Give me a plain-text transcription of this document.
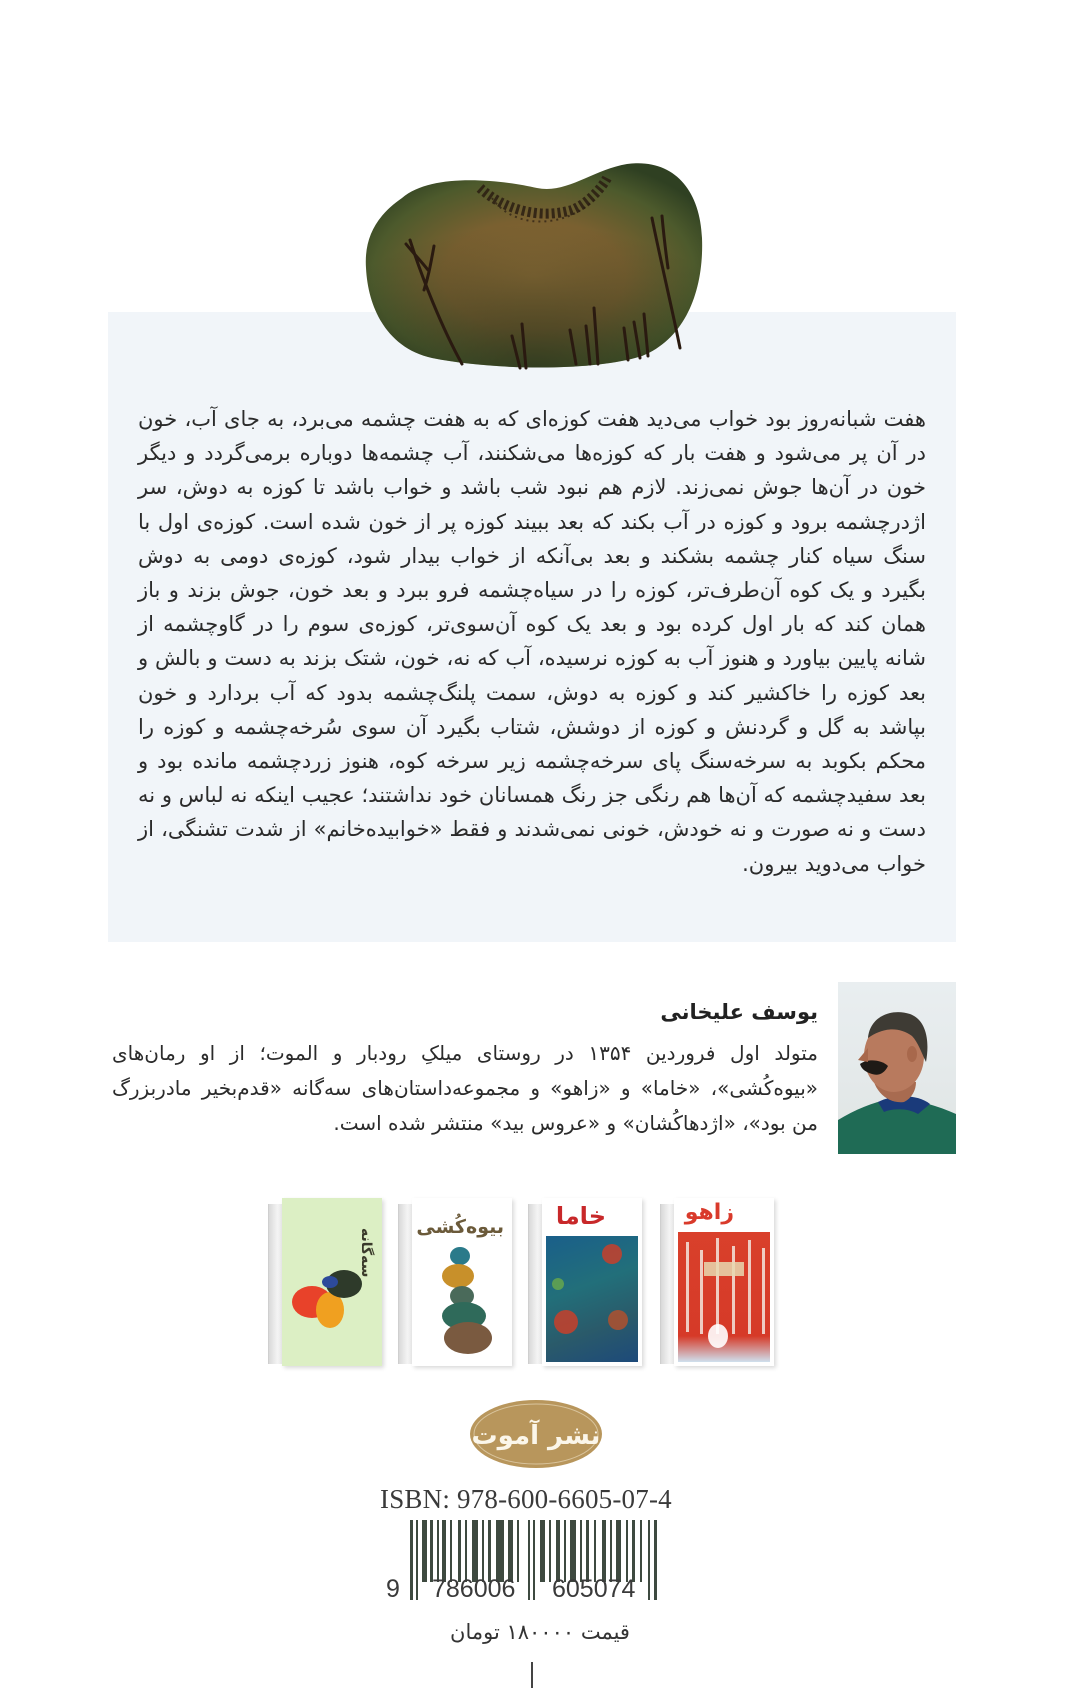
هفت شبانه‌روز بود خواب می‌دید هفت کوزه‌ای که به هفت چشمه می‌برد، به جای آب، خون در آن پر می‌شود و هفت بار که کوزه‌ها می‌شکنند، آب چشمه‌ها دوباره برمی‌گردد و دیگر خون در آن‌ها جوش نمی‌زند. لازم هم نبود شب باشد و خواب باشد تا کوزه به دوش، سر اژدرچشمه برود و کوزه در آب بکند که بعد ببیند کوزه پر از خون شده است. کوزه‌ی اول با سنگ سیاه کنار چشمه بشکند و بعد بی‌آنکه از خواب بیدار شود، کوزه‌ی دومی به دوش بگیرد و یک کوه آن‌طرف‌تر، کوزه را در سیاه‌چشمه فرو ببرد و بعد خون، جوش بزند و باز همان کند که بار اول کرده بود و بعد یک کوه آن‌سوی‌تر، کوزه‌ی سوم را در گاوچشمه از شانه پایین بیاورد و هنوز آب به کوزه نرسیده، آب که نه، خون، شتک بزند به دست و بالش و بعد کوزه را خاکشیر کند و کوزه به دوش، سمت پلنگ‌چشمه بدود که آب بردارد و خون بپاشد به گل و گردنش و کوزه از دوشش، شتاب بگیرد آن سوی سُرخه‌چشمه و کوزه را محکم بکوبد به سرخه‌سنگ پای سرخه‌چشمه زیر سرخه کوه، هنوز زردچشمه مانده بود و بعد سفیدچشمه که آن‌ها هم رنگی جز رنگ همسانان خود نداشتند؛ عجیب اینکه نه لباس و نه دست و نه صورت و نه خودش، خونی نمی‌شدند و فقط «خوابیده‌خانم» از شدت تشنگی، از خواب می‌دوید بیرون.
یوسف علیخانی
متولد اول فروردین ۱۳۵۴ در روستای میلکِ رودبار و الموت؛ از او رمان‌های «بیوه‌کُشی»، «خاما» و «زاهو» و مجموعه‌داستان‌های سه‌گانه «قدم‌بخیر مادربزرگ من بود»، «اژدهاکُشان» و «عروس بید» منتشر شده است.
سه‌گانه
بیوه‌کُشی خاما	زاهو
نشر آموت
ISBN: 978-600-6605-07-4
9 786006 605074
قیمت ۱۸۰۰۰۰ تومان
